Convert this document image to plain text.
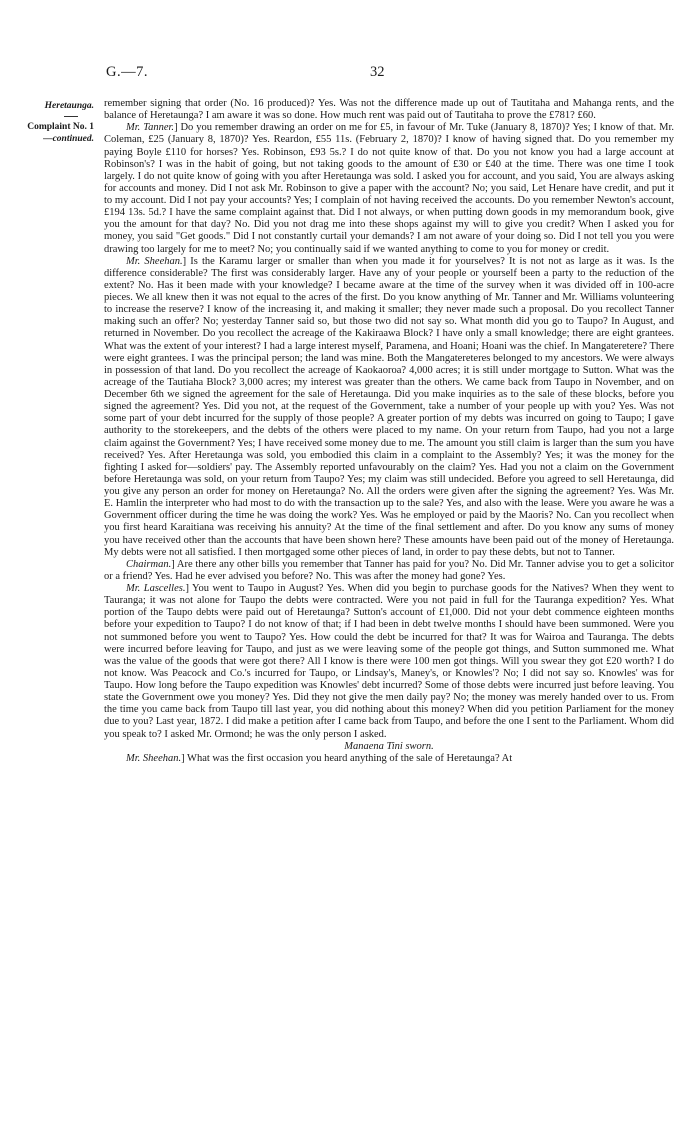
G.—7.	32
Heretaunga.
Complaint No. 1
—continued.

remember signing that order (No. 16 produced)? Yes. Was not the difference made up out of Tautitaha and Mahanga rents, and the balance of Heretaunga? I am aware it was so done. How much rent was paid out of Tautitaha to prove the £781? £60.

Mr. Tanner.] Do you remember drawing an order on me for £5, in favour of Mr. Tuke (January 8, 1870)? Yes; I know of that. Mr. Coleman, £25 (January 8, 1870)? Yes. Reardon, £55 11s. (February 2, 1870)? I know of having signed that. Do you remember my paying Boyle £110 for horses? Yes. Robinson, £93 5s.? I do not quite know of that. Do you not know you had a large account at Robinson's? I was in the habit of going, but not taking goods to the amount of £30 or £40 at the time. There was one time I took largely. I do not quite know of going with you after Heretaunga was sold. I asked you for account, and you said, You are always asking for accounts and money. Did I not ask Mr. Robinson to give a paper with the account? No; you said, Let Henare have credit, and put it to my account. Did I not pay your accounts? Yes; I complain of not having received the accounts. Do you remember Newton's account, £194 13s. 5d.? I have the same complaint against that. Did I not always, or when putting down goods in my memorandum book, give you the amount for that day? No. Did you not drag me into these shops against my will to give you credit? When I asked you for money, you said "Get goods." Did I not constantly curtail your demands? I am not aware of your doing so. Did I not tell you you were drawing too largely for me to meet? No; you continually said if we wanted anything to come to you for money or credit.

Mr. Sheehan.] Is the Karamu larger or smaller than when you made it for yourselves? It is not not as large as it was. Is the difference considerable? The first was considerably larger. Have any of your people or yourself been a party to the reduction of the extent? No. Has it been made with your knowledge? I became aware at the time of the survey when it was divided off in 100-acre pieces. We all knew then it was not equal to the acres of the first. Do you know anything of Mr. Tanner and Mr. Williams volunteering to increase the reserve? I know of the increasing it, and making it smaller; they never made such a proposal. Do you recollect Tanner making such an offer? No; yesterday Tanner said so, but those two did not say so. What month did you go to Taupo? In August, and returned in November. Do you recollect the acreage of the Kakiraawa Block? I have only a small knowledge; there are eight grantees. What was the extent of your interest? I had a large interest myself, Paramena, and Hoani; Hoani was the chief. In Mangateretere? There were eight grantees. I was the principal person; the land was mine. Both the Mangatereteres belonged to my ancestors. We were always in possession of that land. Do you recollect the acreage of Kaokaoroa? 4,000 acres; it is still under mortgage to Sutton. What was the acreage of the Tautiaha Block? 3,000 acres; my interest was greater than the others. We came back from Taupo in November, and on December 6th we signed the agreement for the sale of Heretaunga. Did you make inquiries as to the sale of these blocks, before you signed the agreement? Yes. Did you not, at the request of the Government, take a number of your people up with you? Yes. Was not some part of your debt incurred for the supply of those people? A greater portion of my debts was incurred on going to Taupo; I gave authority to the storekeepers, and the debts of the others were placed to my name. On your return from Taupo, had you not a large claim against the Government? Yes; I have received some money due to me. The amount you still claim is larger than the sum you have received? Yes. After Heretaunga was sold, you embodied this claim in a complaint to the Assembly? Yes; it was the money for the fighting I asked for—soldiers' pay. The Assembly reported unfavourably on the claim? Yes. Had you not a claim on the Government before Heretaunga was sold, on your return from Taupo? Yes; my claim was still undecided. Before you agreed to sell Heretaunga, did you give any person an order for money on Heretaunga? No. All the orders were given after the signing the agreement? Yes. Was Mr. E. Hamlin the interpreter who had most to do with the transaction up to the sale? Yes, and also with the lease. Were you aware he was a Government officer during the time he was doing the work? Yes. Was he employed or paid by the Maoris? No. Can you recollect when you first heard Karaitiana was receiving his annuity? At the time of the final settlement and after. Do you know any sums of money you have received other than the accounts that have been shown here? These amounts have been paid out of the money of Heretaunga. My debts were not all satisfied. I then mortgaged some other pieces of land, in order to pay these debts, but not to Tanner.

Chairman.] Are there any other bills you remember that Tanner has paid for you? No. Did Mr. Tanner advise you to get a solicitor or a friend? Yes. Had he ever advised you before? No. This was after the money had gone? Yes.

Mr. Lascelles.] You went to Taupo in August? Yes. When did you begin to purchase goods for the Natives? When they went to Tauranga; it was not alone for Taupo the debts were contracted. Were you not paid in full for the Tauranga expedition? Yes. What portion of the Taupo debts were paid out of Heretaunga? Sutton's account of £1,000. Did not your debt commence eighteen months before your expedition to Taupo? I do not know of that; if I had been in debt twelve months I should have been summoned. Were you not summoned before you went to Taupo? Yes. How could the debt be incurred for that? It was for Wairoa and Tauranga. The debts were incurred before leaving for Taupo, and just as we were leaving some of the people got things, and Sutton summoned me. What was the value of the goods that were got there? All I know is there were 100 men got things. Will you swear they got £20 worth? I do not know. Was Peacock and Co.'s incurred for Taupo, or Lindsay's, Maney's, or Knowles'? No; I did not say so. Knowles' was for Taupo. How long before the Taupo expedition was Knowles' debt incurred? Some of those debts were incurred just before leaving. You state the Government owe you money? Yes. Did they not give the men daily pay? No; the money was merely handed over to us. From the time you came back from Taupo till last year, you did nothing about this money? When did you petition Parliament for the money due to you? Last year, 1872. I did make a petition after I came back from Taupo, and before the one I sent to the Parliament. Whom did you speak to? I asked Mr. Ormond; he was the only person I asked.

Manaena Tini sworn.

Mr. Sheehan.] What was the first occasion you heard anything of the sale of Heretaunga? At
